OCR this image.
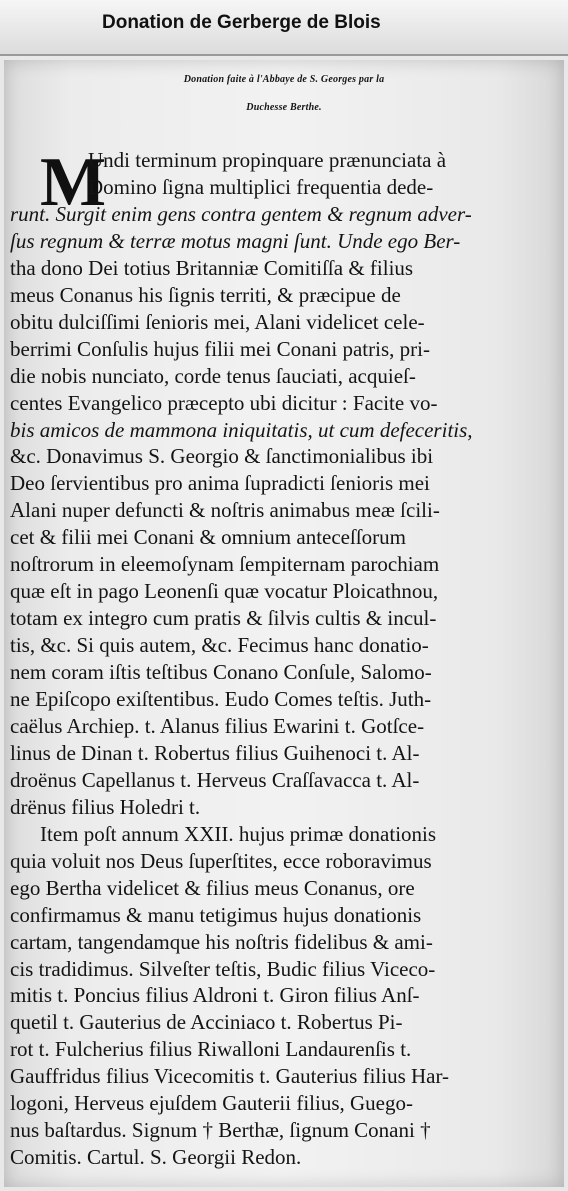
Donation de Gerberge de Blois
Donation faite à l'Abbaye de S. Georges par la
Duchesse Berthe.
M
Undi terminum propinquare prænunciata à
Domino ſigna multiplici frequentia dede-
runt. Surgit enim gens contra gentem & regnum adver-
ſus regnum & terræ motus magni ſunt. Unde ego Ber-
tha dono Dei totius Britanniæ Comitiſſa & filius
meus Conanus his ſignis territi, & præcipue de
obitu dulciſſimi ſenioris mei, Alani videlicet cele-
berrimi Conſulis hujus filii mei Conani patris, pri-
die nobis nunciato, corde tenus ſauciati, acquieſ-
centes Evangelico præcepto ubi dicitur : Facite vo-
bis amicos de mammona iniquitatis, ut cum defeceritis,
&c. Donavimus S. Georgio & ſanctimonialibus ibi
Deo ſervientibus pro anima ſupradicti ſenioris mei
Alani nuper defuncti & noſtris animabus meæ ſcili-
cet & filii mei Conani & omnium anteceſſorum
noſtrorum in eleemoſynam ſempiternam parochiam
quæ eſt in pago Leonenſi quæ vocatur Ploicathnou,
totam ex integro cum pratis & ſilvis cultis & incul-
tis, &c. Si quis autem, &c. Fecimus hanc donatio-
nem coram iſtis teſtibus Conano Conſule, Salomo-
ne Epiſcopo exiſtentibus. Eudo Comes teſtis. Juth-
caëlus Archiep. t. Alanus filius Ewarini t. Gotſce-
linus de Dinan t. Robertus filius Guihenoci t. Al-
droënus Capellanus t. Herveus Craſſavacca t. Al-
drënus filius Holedri t.
Item poſt annum XXII. hujus primæ donationis
quia voluit nos Deus ſuperſtites, ecce roboravimus
ego Bertha videlicet & filius meus Conanus, ore
confirmamus & manu tetigimus hujus donationis
cartam, tangendamque his noſtris fidelibus & ami-
cis tradidimus. Silveſter teſtis, Budic filius Viceco-
mitis t. Poncius filius Aldroni t. Giron filius Anſ-
quetil t. Gauterius de Acciniaco t. Robertus Pi-
rot t. Fulcherius filius Riwalloni Landaurenſis t.
Gauffridus filius Vicecomitis t. Gauterius filius Har-
logoni, Herveus ejuſdem Gauterii filius, Guego-
nus baſtardus. Signum † Berthæ, ſignum Conani †
Comitis. Cartul. S. Georgii Redon.
